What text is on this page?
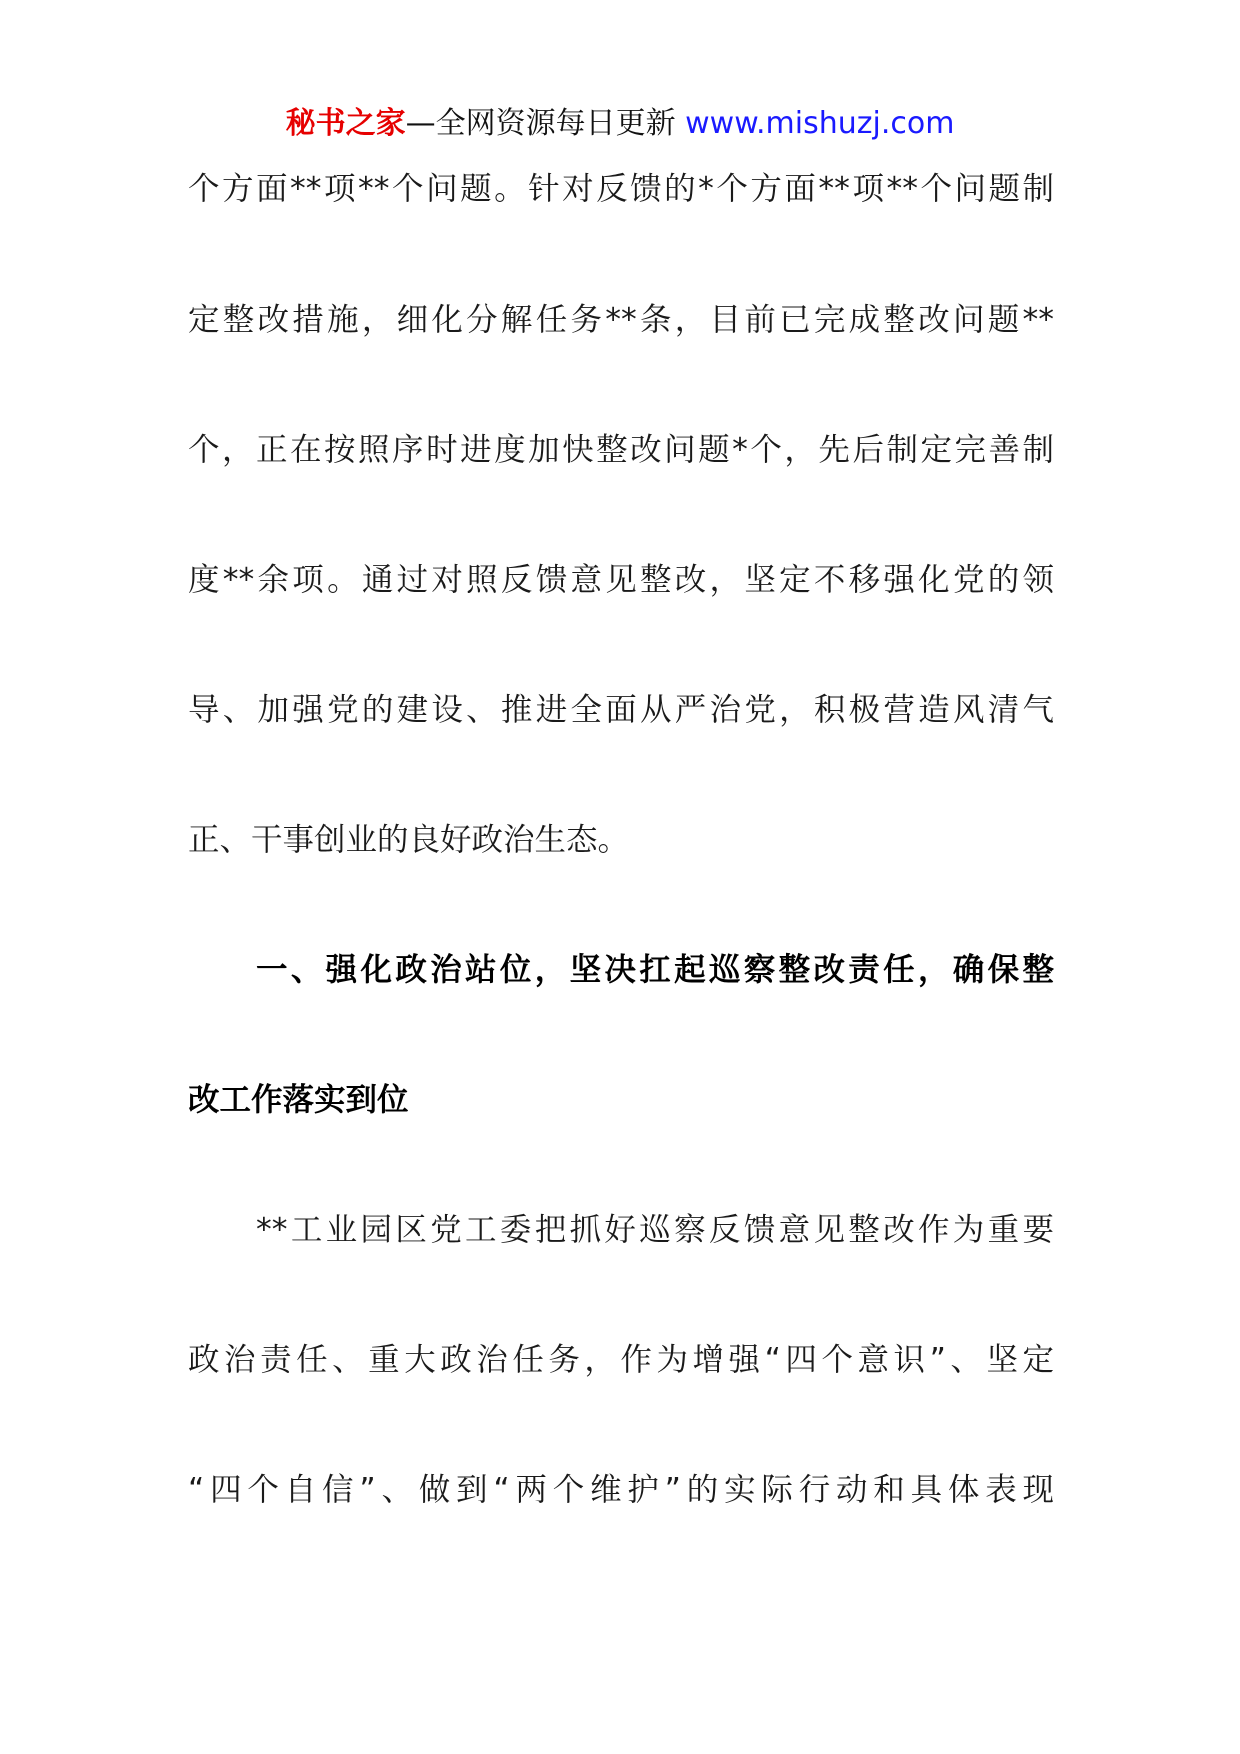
秘书之家—全网资源每日更新 www.mishuzj.com
个方面**项**个问题。针对反馈的*个方面**项**个问题制
定整改措施，细化分解任务**条，目前已完成整改问题**
个，正在按照序时进度加快整改问题*个，先后制定完善制
度**余项。通过对照反馈意见整改，坚定不移强化党的领
导、加强党的建设、推进全面从严治党，积极营造风清气
正、干事创业的良好政治生态。
一、强化政治站位，坚决扛起巡察整改责任，确保整
改工作落实到位
**工业园区党工委把抓好巡察反馈意见整改作为重要
政治责任、重大政治任务，作为增强“四个意识”、坚定
“四个自信”、做到“两个维护”的实际行动和具体表现
